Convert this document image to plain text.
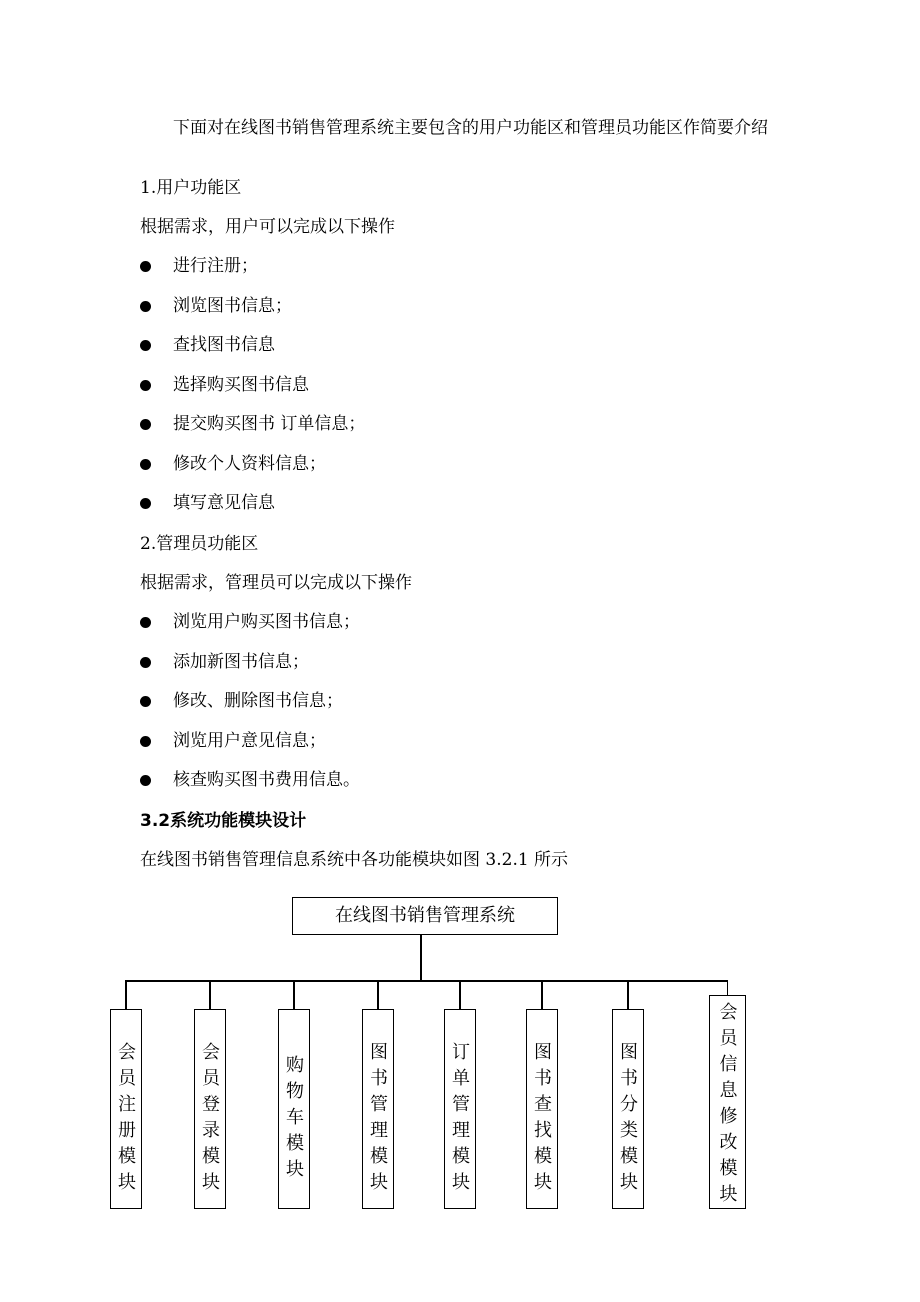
下面对在线图书销售管理系统主要包含的用户功能区和管理员功能区作简要介绍
1.用户功能区
根据需求，用户可以完成以下操作
进行注册；
浏览图书信息；
查找图书信息
选择购买图书信息
提交购买图书 订单信息；
修改个人资料信息；
填写意见信息
2.管理员功能区
根据需求，管理员可以完成以下操作
浏览用户购买图书信息；
添加新图书信息；
修改、删除图书信息；
浏览用户意见信息；
核查购买图书费用信息。
3.2系统功能模块设计
在线图书销售管理信息系统中各功能模块如图 3.2.1 所示
在线图书销售管理系统
会员注册模块
会员登录模块
购物车模块
图书管理模块
订单管理模块
图书查找模块
图书分类模块
会员信息修改模块
